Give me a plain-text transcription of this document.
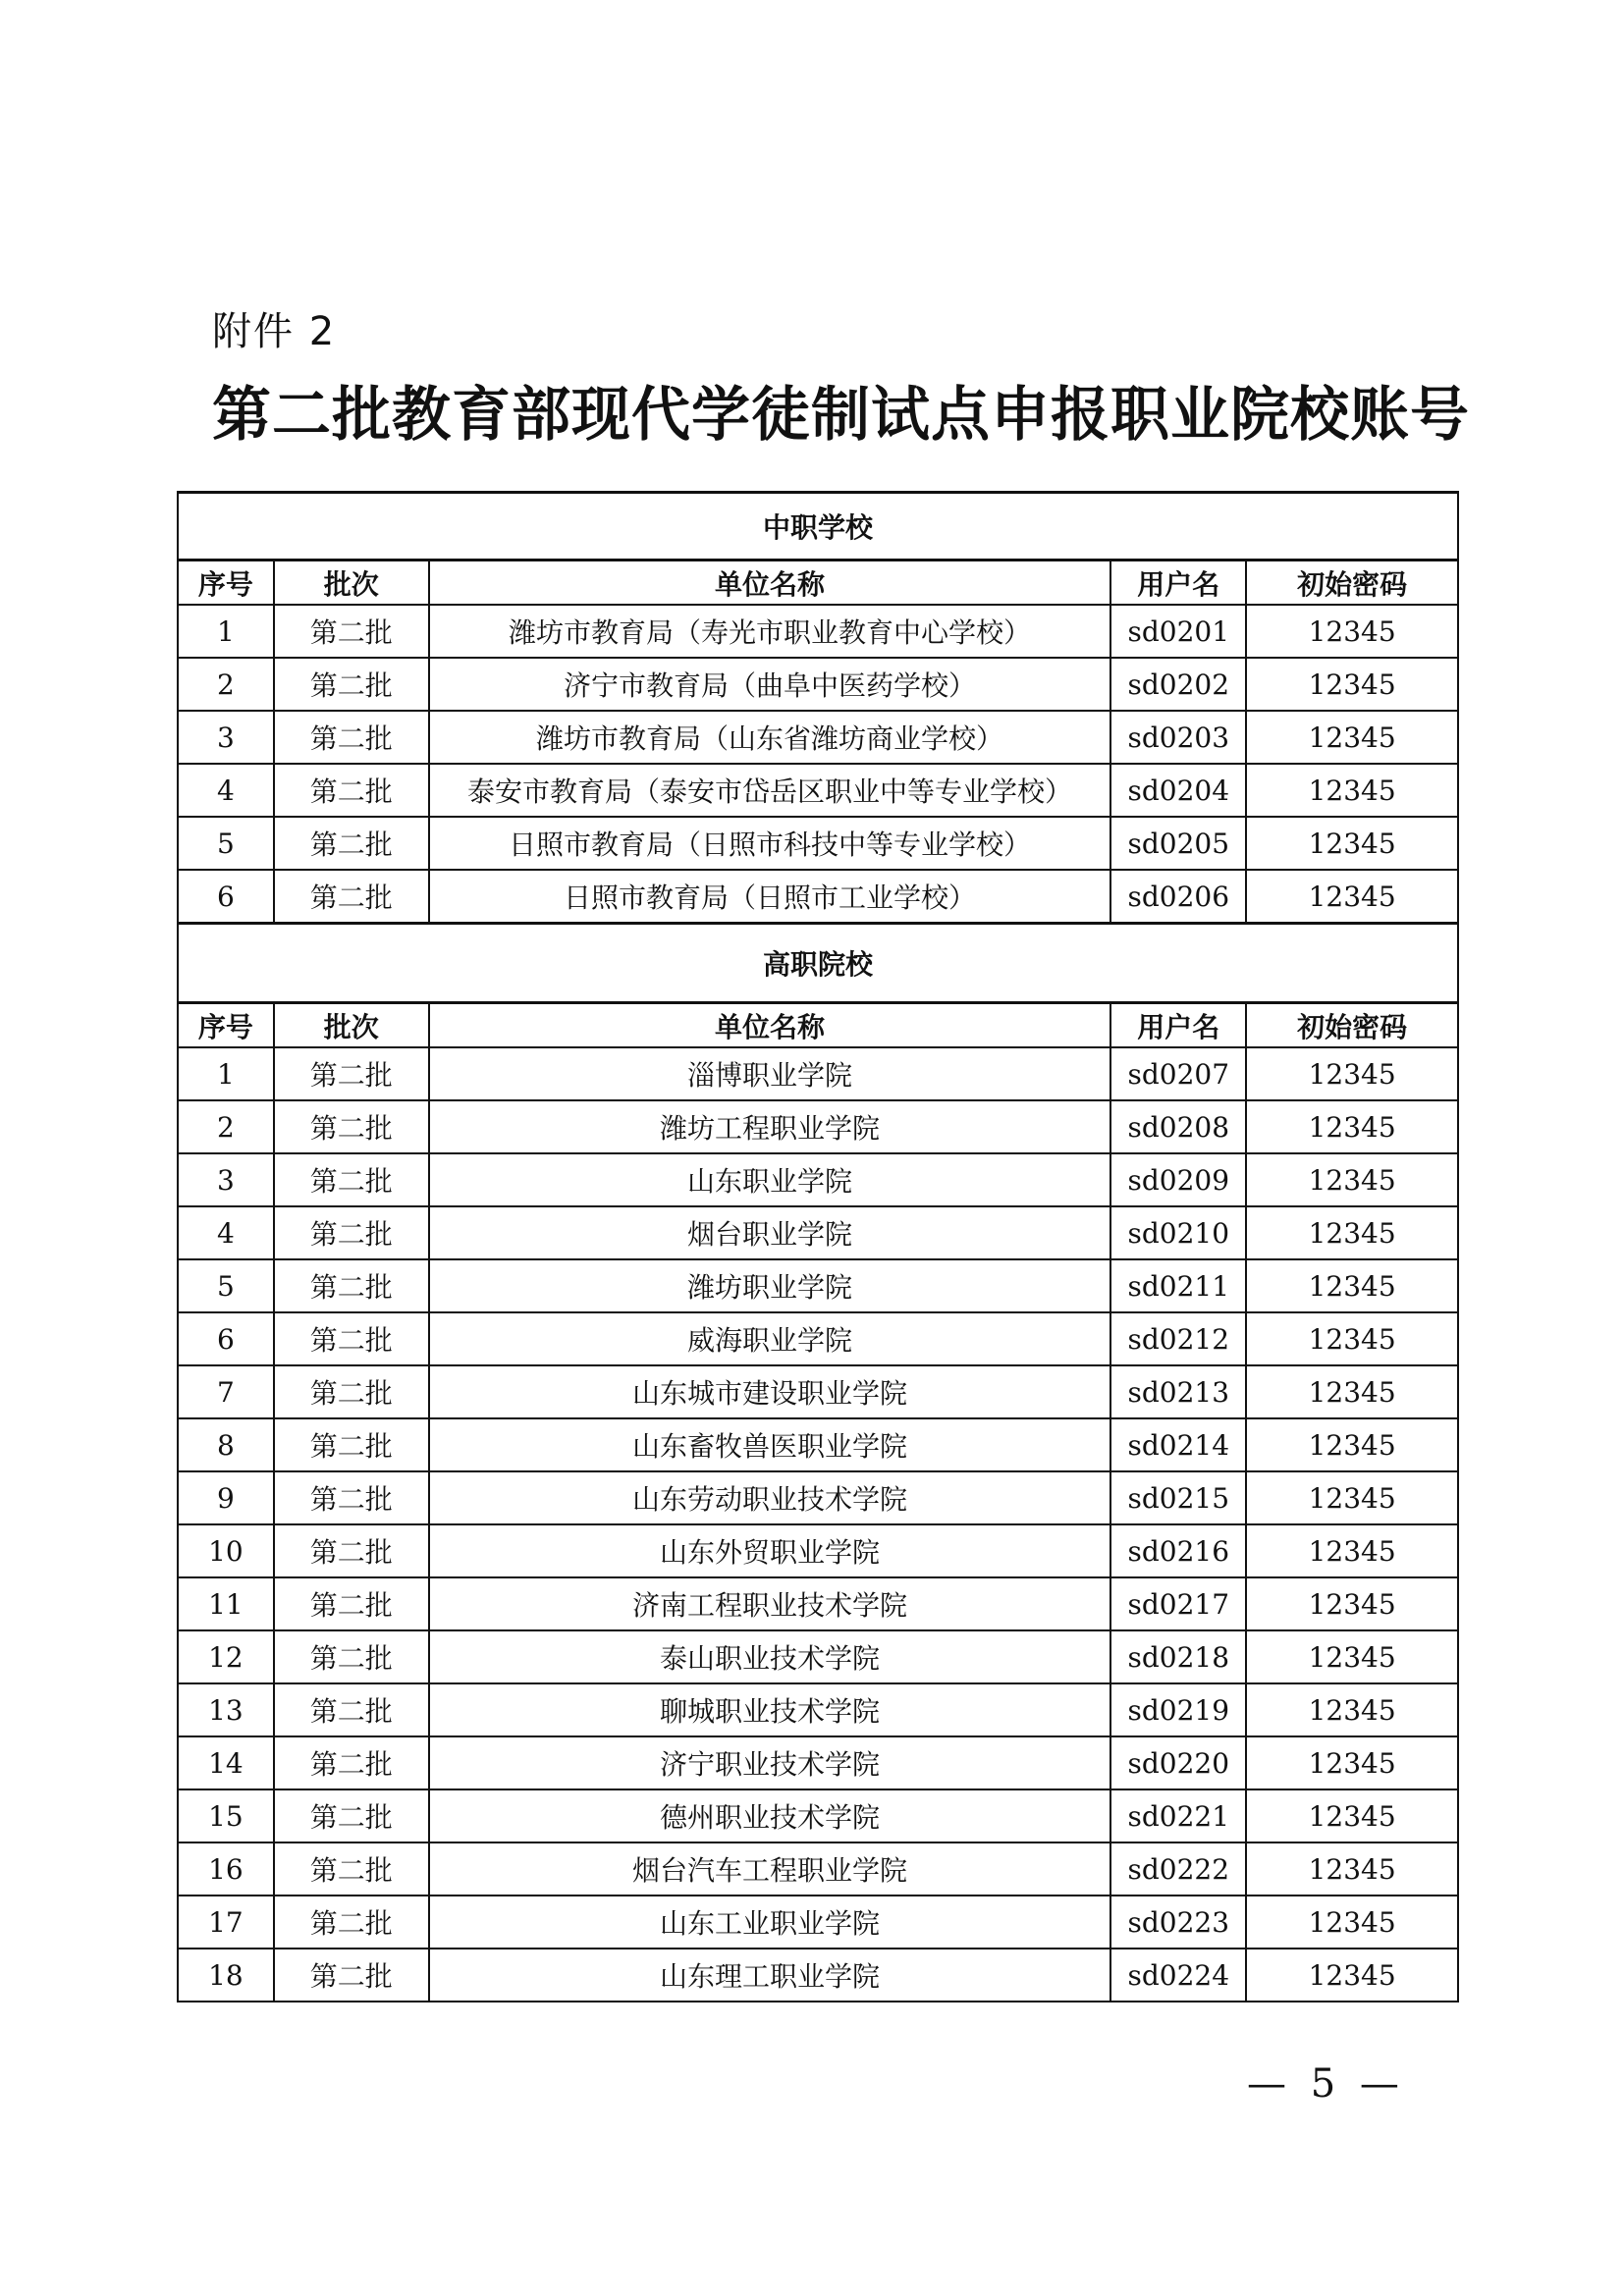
附件 2
第二批教育部现代学徒制试点申报职业院校账号
中职学校				
序号	批次	单位名称	用户名	初始密码
1	第二批	潍坊市教育局（寿光市职业教育中心学校）	sd0201	12345
2	第二批	济宁市教育局（曲阜中医药学校）	sd0202	12345
3	第二批	潍坊市教育局（山东省潍坊商业学校）	sd0203	12345
4	第二批	泰安市教育局（泰安市岱岳区职业中等专业学校）	sd0204	12345
5	第二批	日照市教育局（日照市科技中等专业学校）	sd0205	12345
6	第二批	日照市教育局（日照市工业学校）	sd0206	12345
高职院校				
序号	批次	单位名称	用户名	初始密码
1	第二批	淄博职业学院	sd0207	12345
2	第二批	潍坊工程职业学院	sd0208	12345
3	第二批	山东职业学院	sd0209	12345
4	第二批	烟台职业学院	sd0210	12345
5	第二批	潍坊职业学院	sd0211	12345
6	第二批	威海职业学院	sd0212	12345
7	第二批	山东城市建设职业学院	sd0213	12345
8	第二批	山东畜牧兽医职业学院	sd0214	12345
9	第二批	山东劳动职业技术学院	sd0215	12345
10	第二批	山东外贸职业学院	sd0216	12345
11	第二批	济南工程职业技术学院	sd0217	12345
12	第二批	泰山职业技术学院	sd0218	12345
13	第二批	聊城职业技术学院	sd0219	12345
14	第二批	济宁职业技术学院	sd0220	12345
15	第二批	德州职业技术学院	sd0221	12345
16	第二批	烟台汽车工程职业学院	sd0222	12345
17	第二批	山东工业职业学院	sd0223	12345
18	第二批	山东理工职业学院	sd0224	12345
— 5 —
